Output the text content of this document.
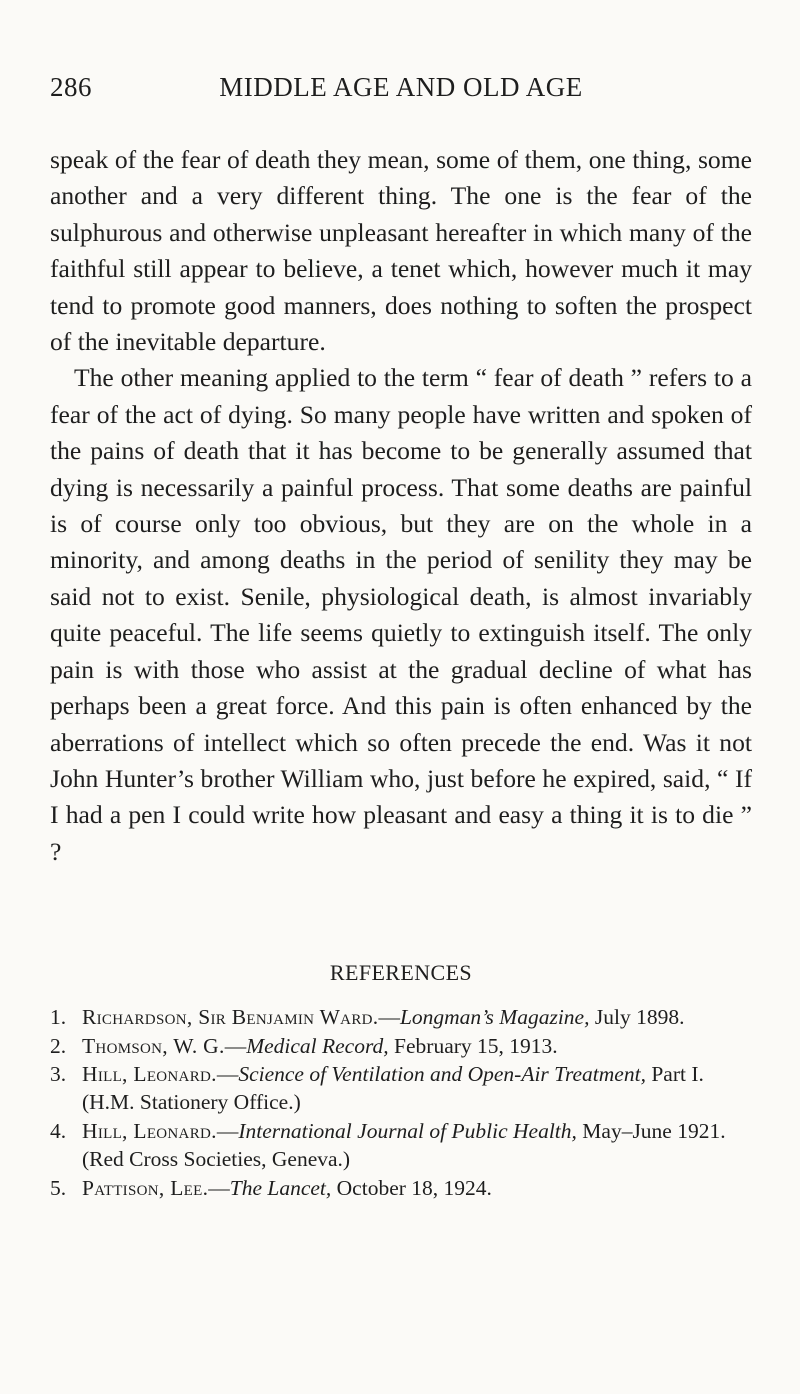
286	MIDDLE AGE AND OLD AGE

speak of the fear of death they mean, some of them, one thing, some another and a very different thing. The one is the fear of the sulphurous and otherwise unpleasant hereafter in which many of the faithful still appear to believe, a tenet which, however much it may tend to promote good manners, does nothing to soften the prospect of the inevitable departure.

The other meaning applied to the term “ fear of death ” refers to a fear of the act of dying. So many people have written and spoken of the pains of death that it has become to be generally assumed that dying is necessarily a painful process. That some deaths are painful is of course only too obvious, but they are on the whole in a minority, and among deaths in the period of senility they may be said not to exist. Senile, physiological death, is almost invariably quite peaceful. The life seems quietly to extinguish itself. The only pain is with those who assist at the gradual decline of what has perhaps been a great force. And this pain is often enhanced by the aberrations of intellect which so often precede the end. Was it not John Hunter’s brother William who, just before he expired, said, “ If I had a pen I could write how pleasant and easy a thing it is to die ” ?

REFERENCES
1. Richardson, Sir Benjamin Ward.—Longman’s Magazine, July 1898.
2. Thomson, W. G.—Medical Record, February 15, 1913.
3. Hill, Leonard.—Science of Ventilation and Open-Air Treatment, Part I. (H.M. Stationery Office.)
4. Hill, Leonard.—International Journal of Public Health, May–June 1921. (Red Cross Societies, Geneva.)
5. Pattison, Lee.—The Lancet, October 18, 1924.
